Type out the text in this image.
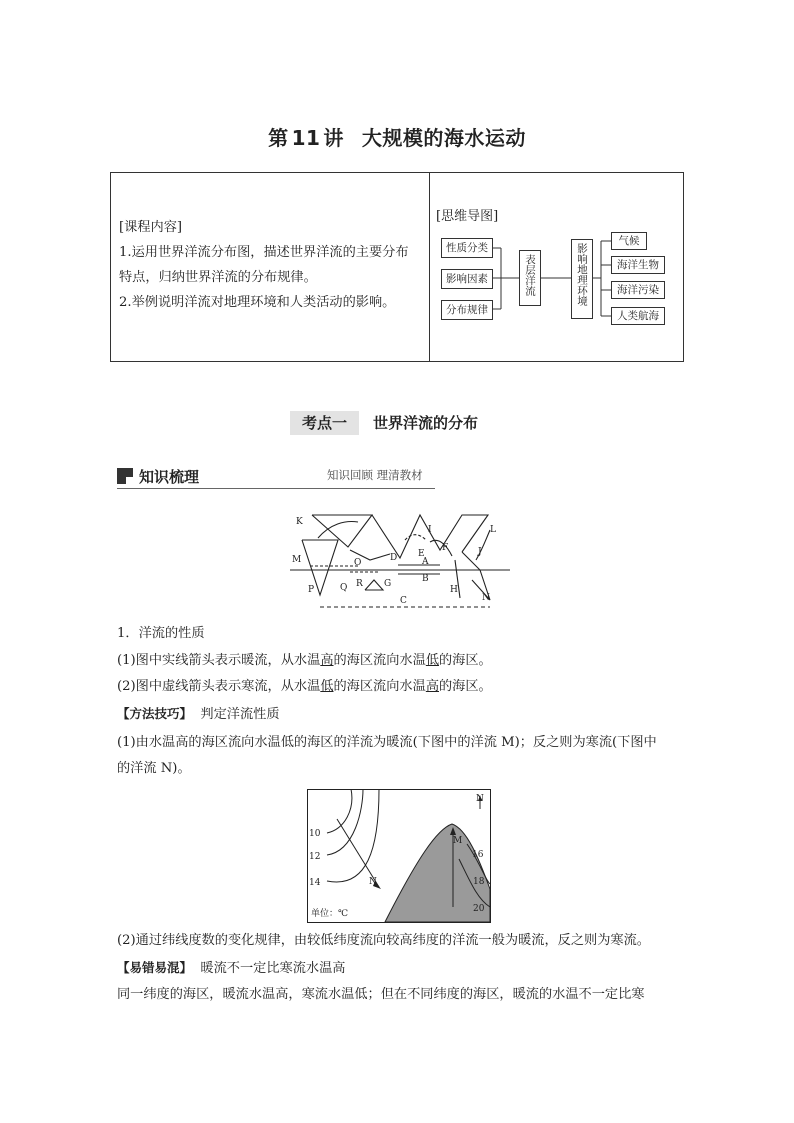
第 11 讲 大规模的海水运动

[课程内容]

1.运用世界洋流分布图，描述世界洋流的主要分布

特点，归纳世界洋流的分布规律。

2.举例说明洋流对地理环境和人类活动的影响。

[思维导图]
性质分类
影响因素
分布规律
表层洋流	影响地理环境
气候
海洋生物
海洋污染
人类航海
考点一 世界洋流的分布
知识梳理	知识回顾 理清教材
K
L
I
D E
F	J
M	O	A
B
P	Q R G
C
H
N
1．洋流的性质
(1)图中实线箭头表示暖流，从水温高的海区流向水温低的海区。
(2)图中虚线箭头表示寒流，从水温低的海区流向水温高的海区。
【方法技巧】 判定洋流性质
(1)由水温高的海区流向水温低的海区的洋流为暖流(下图中的洋流 M)；反之则为寒流(下图中
的洋流 N)。
N
10
12
14
16
18
20
M
N
单位：℃
(2)通过纬线度数的变化规律，由较低纬度流向较高纬度的洋流一般为暖流，反之则为寒流。
【易错易混】 暖流不一定比寒流水温高
同一纬度的海区，暖流水温高，寒流水温低；但在不同纬度的海区，暖流的水温不一定比寒
